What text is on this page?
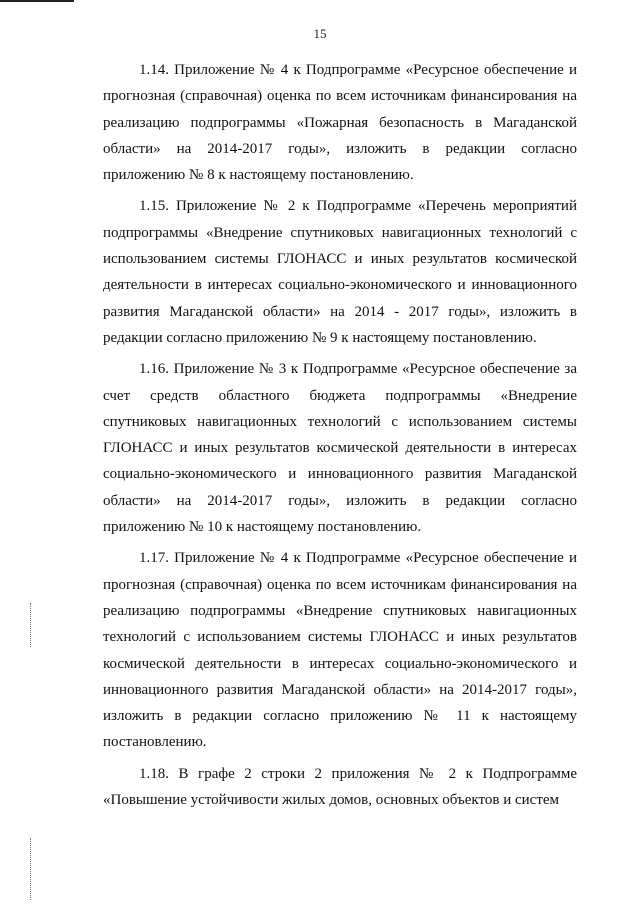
15

1.14. Приложение № 4 к Подпрограмме «Ресурсное обеспечение и прогнозная (справочная) оценка по всем источникам финансирования на реализацию подпрограммы «Пожарная безопасность в Магаданской области» на 2014-2017 годы», изложить в редакции согласно приложению № 8 к настоящему постановлению.

1.15. Приложение № 2 к Подпрограмме «Перечень мероприятий подпрограммы «Внедрение спутниковых навигационных технологий с использованием системы ГЛОНАСС и иных результатов космической деятельности в интересах социально-экономического и инновационного развития Магаданской области» на 2014 - 2017 годы», изложить в редакции согласно приложению № 9 к настоящему постановлению.

1.16. Приложение № 3 к Подпрограмме «Ресурсное обеспечение за счет средств областного бюджета подпрограммы «Внедрение спутниковых навигационных технологий с использованием системы ГЛОНАСС и иных результатов космической деятельности в интересах социально-экономического и инновационного развития Магаданской области» на 2014-2017 годы», изложить в редакции согласно приложению № 10 к настоящему постановлению.

1.17. Приложение № 4 к Подпрограмме «Ресурсное обеспечение и прогнозная (справочная) оценка по всем источникам финансирования на реализацию подпрограммы «Внедрение спутниковых навигационных технологий с использованием системы ГЛОНАСС и иных результатов космической деятельности в интересах социально-экономического и инновационного развития Магаданской области» на 2014-2017 годы», изложить в редакции согласно приложению № 11 к настоящему постановлению.

1.18. В графе 2 строки 2 приложения № 2 к Подпрограмме «Повышение устойчивости жилых домов, основных объектов и систем
